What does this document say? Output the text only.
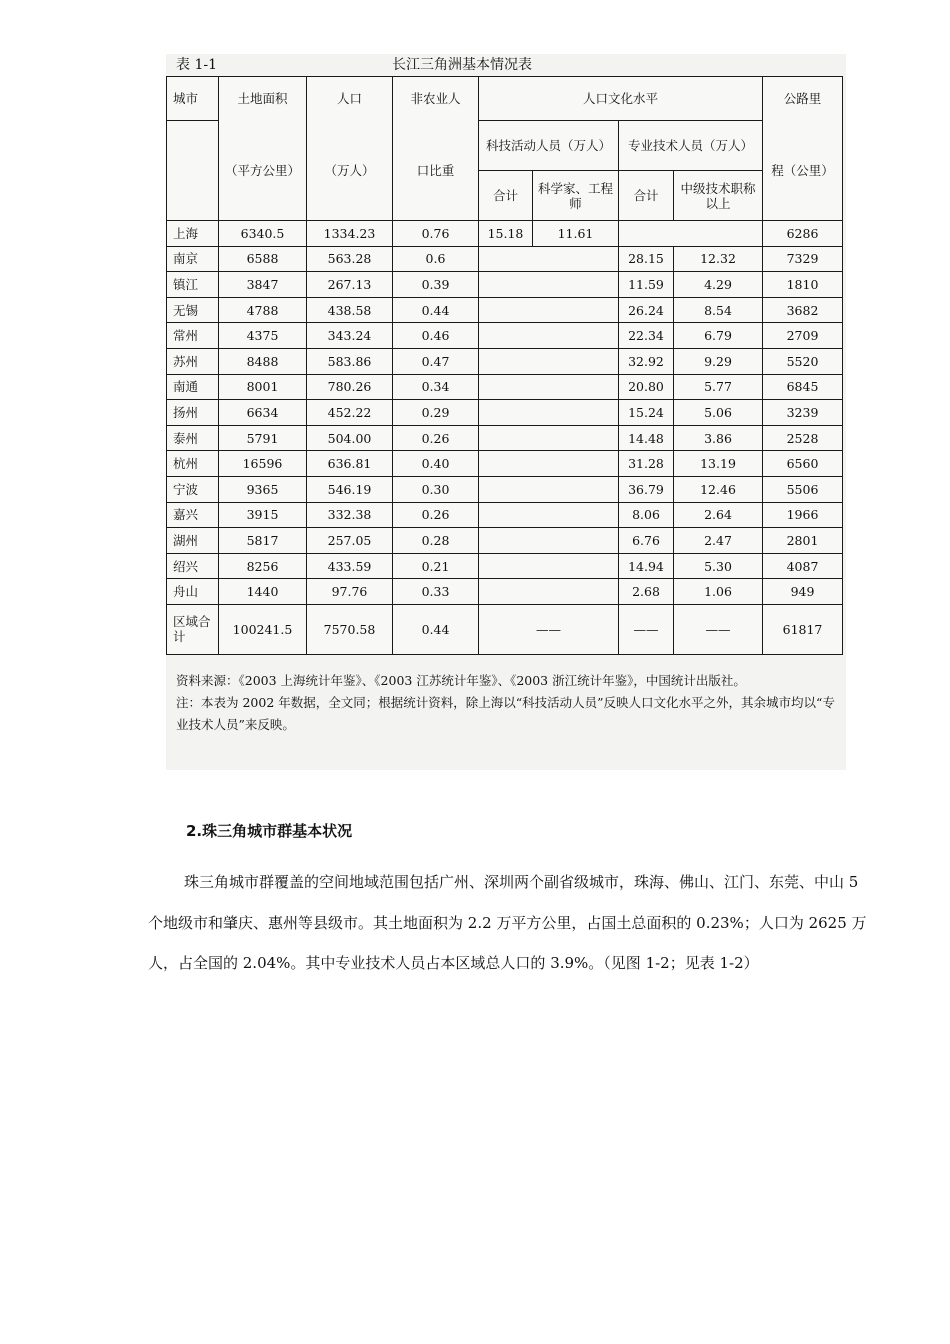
表 1-1	长江三角洲基本情况表
城市	土地面积	人口	非农业人	人口文化水平				公路里
	（平方公里）	（万人）	口比重	科技活动人员（万人）		专业技术人员（万人）		程（公里）
				合计	科学家、工程师	合计	中级技术职称以上	
上海	6340.5	1334.23	0.76	15.18	11.61			6286
南京	6588	563.28	0.6			28.15	12.32	7329
镇江	3847	267.13	0.39			11.59	4.29	1810
无锡	4788	438.58	0.44			26.24	8.54	3682
常州	4375	343.24	0.46			22.34	6.79	2709
苏州	8488	583.86	0.47			32.92	9.29	5520
南通	8001	780.26	0.34			20.80	5.77	6845
扬州	6634	452.22	0.29			15.24	5.06	3239
泰州	5791	504.00	0.26			14.48	3.86	2528
杭州	16596	636.81	0.40			31.28	13.19	6560
宁波	9365	546.19	0.30			36.79	12.46	5506
嘉兴	3915	332.38	0.26			8.06	2.64	1966
湖州	5817	257.05	0.28			6.76	2.47	2801
绍兴	8256	433.59	0.21			14.94	5.30	4087
舟山	1440	97.76	0.33			2.68	1.06	949
区域合计	100241.5	7570.58	0.44	——		——	——	61817

资料来源：《2003 上海统计年鉴》、《2003 江苏统计年鉴》、《2003 浙江统计年鉴》，中国统计出版社。

注：本表为 2002 年数据，全文同；根据统计资料，除上海以“科技活动人员”反映人口文化水平之外，其余城市均以“专业技术人员”来反映。

2.珠三角城市群基本状况

珠三角城市群覆盖的空间地域范围包括广州、深圳两个副省级城市，珠海、佛山、江门、东莞、中山 5 个地级市和肇庆、惠州等县级市。其土地面积为 2.2 万平方公里，占国土总面积的 0.23%；人口为 2625 万人，占全国的 2.04%。其中专业技术人员占本区域总人口的 3.9%。（见图 1-2；见表 1-2）
